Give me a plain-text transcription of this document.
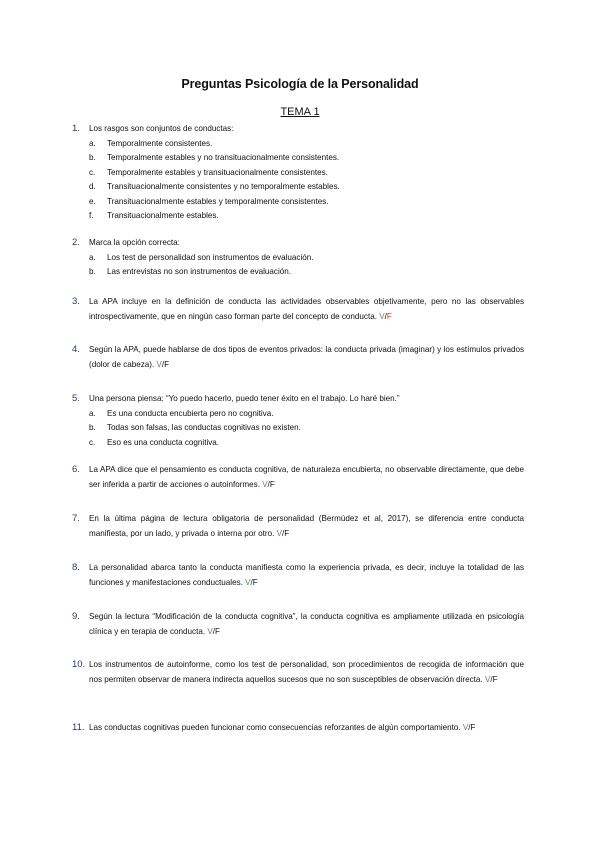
Preguntas Psicología de la Personalidad
TEMA 1
1. Los rasgos son conjuntos de conductas:
a. Temporalmente consistentes.
b. Temporalmente estables y no transituacionalmente consistentes.
c. Temporalmente estables y transituacionalmente consistentes.
d. Transituacionalmente consistentes y no temporalmente estables.
e. Transituacionalmente estables y temporalmente consistentes.
f. Transituacionalmente estables.
2. Marca la opción correcta:
a. Los test de personalidad son instrumentos de evaluación.
b. Las entrevistas no son instrumentos de evaluación.
3. La APA incluye en la definición de conducta las actividades observables objetivamente, pero no las observables introspectivamente, que en ningún caso forman parte del concepto de conducta. V/F
4. Según la APA, puede hablarse de dos tipos de eventos privados: la conducta privada (imaginar) y los estímulos privados (dolor de cabeza). V/F
5. Una persona piensa: “Yo puedo hacerlo, puedo tener éxito en el trabajo. Lo haré bien.”
a. Es una conducta encubierta pero no cognitiva.
b. Todas son falsas, las conductas cognitivas no existen.
c. Eso es una conducta cognitiva.
6. La APA dice que el pensamiento es conducta cognitiva, de naturaleza encubierta, no observable directamente, que debe ser inferida a partir de acciones o autoinformes. V/F
7. En la última página de lectura obligatoria de personalidad (Bermúdez et al, 2017), se diferencia entre conducta manifiesta, por un lado, y privada o interna por otro. V/F
8. La personalidad abarca tanto la conducta manifiesta como la experiencia privada, es decir, incluye la totalidad de las funciones y manifestaciones conductuales. V/F
9. Según la lectura “Modificación de la conducta cognitiva”, la conducta cognitiva es ampliamente utilizada en psicología clínica y en terapia de conducta. V/F
10. Los instrumentos de autoinforme, como los test de personalidad, son procedimientos de recogida de información que nos permiten observar de manera indirecta aquellos sucesos que no son susceptibles de observación directa. V/F
11. Las conductas cognitivas pueden funcionar como consecuencias reforzantes de algún comportamiento. V/F
